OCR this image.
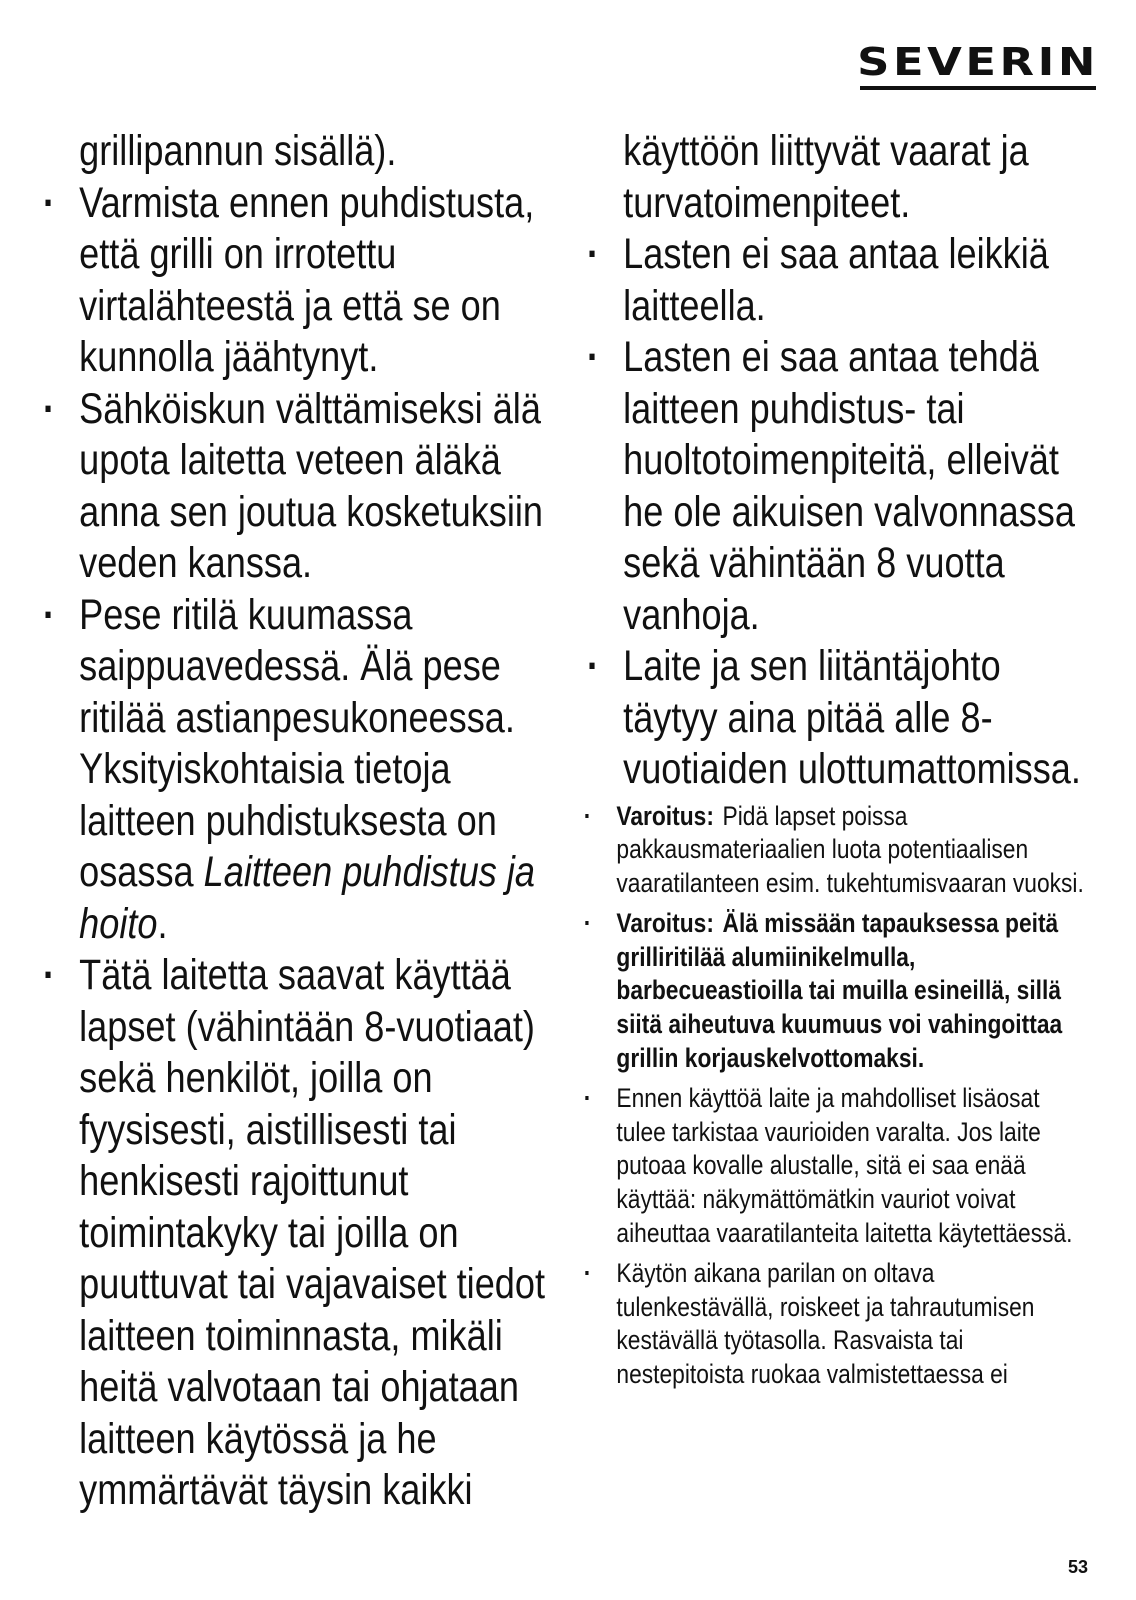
SEVERIN
grillipannun sisällä).
· Varmista ennen puhdistusta, että grilli on irrotettu virtalähteestä ja että se on kunnolla jäähtynyt.
· Sähköiskun välttämiseksi älä upota laitetta veteen äläkä anna sen joutua kosketuksiin veden kanssa.
· Pese ritilä kuumassa saippuavedessä. Älä pese ritilää astianpesukoneessa. Yksityiskohtaisia tietoja laitteen puhdistuksesta on osassa Laitteen puhdistus ja hoito.
· Tätä laitetta saavat käyttää lapset (vähintään 8-vuotiaat) sekä henkilöt, joilla on fyysisesti, aistillisesti tai henkisesti rajoittunut toimintakyky tai joilla on puuttuvat tai vajavaiset tiedot laitteen toiminnasta, mikäli heitä valvotaan tai ohjataan laitteen käytössä ja he ymmärtävät täysin kaikki
käyttöön liittyvät vaarat ja turvatoimenpiteet.
· Lasten ei saa antaa leikkiä laitteella.
· Lasten ei saa antaa tehdä laitteen puhdistus- tai huoltotoimenpiteitä, elleivät he ole aikuisen valvonnassa sekä vähintään 8 vuotta vanhoja.
· Laite ja sen liitäntäjohto täytyy aina pitää alle 8-vuotiaiden ulottumattomissa.
· Varoitus: Pidä lapset poissa pakkausmateriaalien luota potentiaalisen vaaratilanteen esim. tukehtumisvaaran vuoksi.
· Varoitus: Älä missään tapauksessa peitä grilliritilää alumiinikelmulla, barbecueastioilla tai muilla esineillä, sillä siitä aiheutuva kuumuus voi vahingoittaa grillin korjauskelvottomaksi.
· Ennen käyttöä laite ja mahdolliset lisäosat tulee tarkistaa vaurioiden varalta. Jos laite putoaa kovalle alustalle, sitä ei saa enää käyttää: näkymättömätkin vauriot voivat aiheuttaa vaaratilanteita laitetta käytettäessä.
· Käytön aikana parilan on oltava tulenkestävällä, roiskeet ja tahrautumisen kestävällä työtasolla. Rasvaista tai nestepitoista ruokaa valmistettaessa ei
53
